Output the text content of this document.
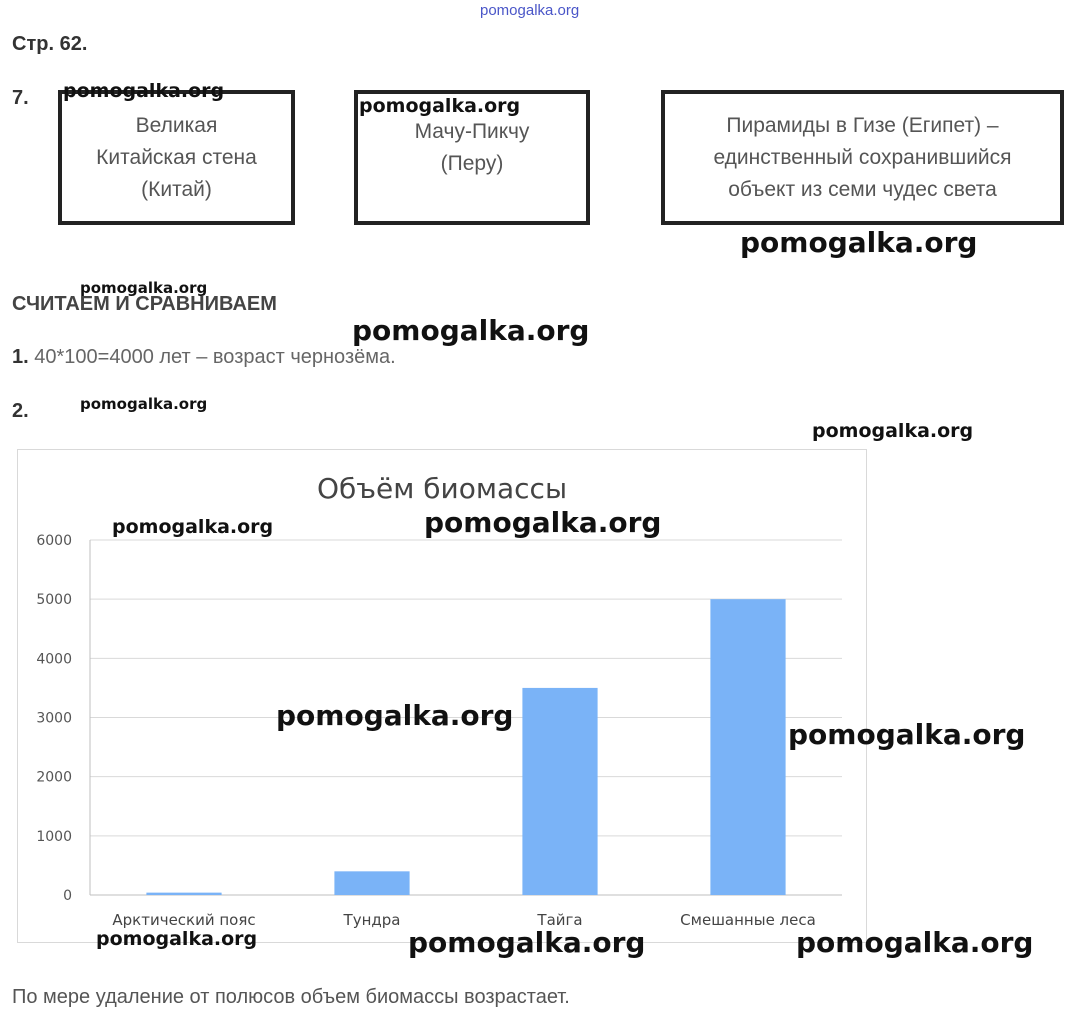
pomogalka.org
Стр. 62.
7.
Великая
Китайская стена
(Китай)
Мачу-Пикчу
(Перу)
Пирамиды в Гизе (Египет) –
единственный сохранившийся
объект из семи чудес света
СЧИТАЕМ И СРАВНИВАЕМ
1. 40*100=4000 лет – возраст чернозёма.
2.
Объём биомассы
0
1000
2000
3000
4000
5000
6000
Арктический пояс	Тундра	Тайга	Смешанные леса
По мере удаление от полюсов объем биомассы возрастает.
pomogalka.org
pomogalka.org
pomogalka.org
pomogalka.org
pomogalka.org
pomogalka.org
pomogalka.org
pomogalka.org	pomogalka.org
pomogalka.org
pomogalka.org
pomogalka.org	pomogalka.org	pomogalka.org
